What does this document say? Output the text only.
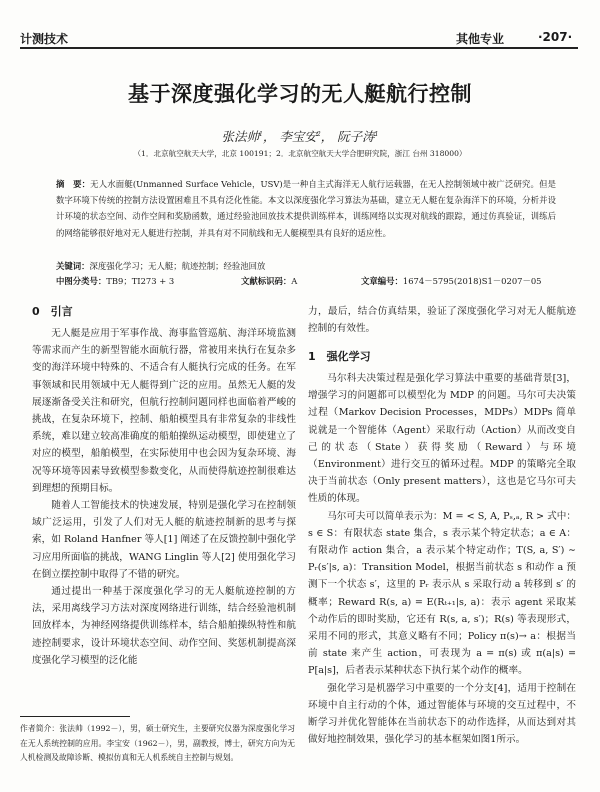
计测技术	其他专业	·207·
基于深度强化学习的无人艇航行控制
张法帅$^1$， 李宝安$^2$， 阮子涛$^1$
（1．北京航空航天大学，北京 100191；2．北京航空航天大学合肥研究院，浙江 台州 318000）

摘　要：无人水面艇(Unmanned Surface Vehicle，USV)是一种自主式海洋无人航行运载器，在无人控制领域中被广泛研究。但是数字环境下传统的控制方法设置困难且不具有泛化性能。本文以深度强化学习算法为基础，建立无人艇在复杂海洋下的环境，分析并设计环境的状态空间、动作空间和奖励函数，通过经验池回放技术提供训练样本，训练网络以实现对航线的跟踪，通过仿真验证，训练后的网络能够很好地对无人艇进行控制，并具有对不同航线和无人艇模型具有良好的适应性。

关键词：深度强化学习；无人艇；航迹控制；经验池回放

中图分类号：TB9；TI273 + 3	文献标识码：A	文章编号：1674－5795(2018)S1－0207－05
0　引言

无人艇是应用于军事作战、海事监管巡航、海洋环境监测等需求而产生的新型智能水面航行器，常被用来执行在复杂多变的海洋环境中特殊的、不适合有人艇执行完成的任务。在军事领域和民用领域中无人艇得到广泛的应用。虽然无人艇的发展逐渐备受关注和研究，但航行控制问题同样也面临着严峻的挑战，在复杂环境下，控制、船舶模型具有非常复杂的非线性系统，难以建立较高准确度的船舶操纵运动模型，即使建立了对应的模型，船舶模型，在实际使用中也会因为复杂环境、海况等环境等因素导致模型参数变化，从而使得航迹控制很难达到理想的预期目标。

随着人工智能技术的快速发展，特别是强化学习在控制领域广泛运用，引发了人们对无人艇的航迹控制新的思考与探索，如 Roland Hanfner 等人[1] 阐述了在反馈控制中强化学习应用所面临的挑战，WANG Linglin 等人[2] 使用强化学习在倒立摆控制中取得了不错的研究。

通过提出一种基于深度强化学习的无人艇航迹控制的方法，采用离线学习方法对深度网络进行训练，结合经验池机制回放样本，为神经网络提供训练样本，结合船舶操纵特性和航迹控制要求，设计环境状态空间、动作空间、奖惩机制提高深度强化学习模型的泛化能

力，最后，结合仿真结果，验证了深度强化学习对无人艇航迹控制的有效性。

1　强化学习

马尔科夫决策过程是强化学习算法中重要的基础背景[3]，增强学习的问题都可以模型化为 MDP 的问题。马尔可夫决策过程（Markov Decision Processes，MDPs）MDPs 简单说就是一个智能体（Agent）采取行动（Action）从而改变自己的状态（State）获得奖励（Reward）与环境（Environment）进行交互的循环过程。MDP 的策略完全取决于当前状态（Only present matters），这也是它马尔可夫性质的体现。

马尔可夫可以简单表示为：M = < S, A, Pₛ,ₐ, R > 式中：s ∈ S：有限状态 state 集合，s 表示某个特定状态；a ∈ A：有限动作 action 集合，a 表示某个特定动作；T(S, a, S′) ∼ Pᵣ(s′|s, a)：Transition Model，根据当前状态 s 和动作 a 预测下一个状态 s′，这里的 Pᵣ 表示从 s 采取行动 a 转移到 s′ 的概率；Reward R(s, a) = E(Rₜ₊₁|s, a)：表示 agent 采取某个动作后的即时奖励，它还有 R(s, a, s′)；R(s) 等表现形式，采用不同的形式，其意义略有不同；Policy π(s)→ a：根据当前 state 来产生 action，可表现为 a = π(s) 或 π(a|s) = P[a|s]，后者表示某种状态下执行某个动作的概率。

强化学习是机器学习中重要的一个分支[4]，适用于控制在环境中自主行动的个体，通过智能体与环境的交互过程中，不断学习并优化智能体在当前状态下的动作选择，从而达到对其做好地控制效果，强化学习的基本框架如图1所示。

作者简介：张法帅（1992－），男，硕士研究生，主要研究仪器为深度强化学习在无人系统控制的应用。李宝安（1962－），男，副教授，博士，研究方向为无人机检测及故障诊断、模拟仿真和无人机系统自主控制与规划。
